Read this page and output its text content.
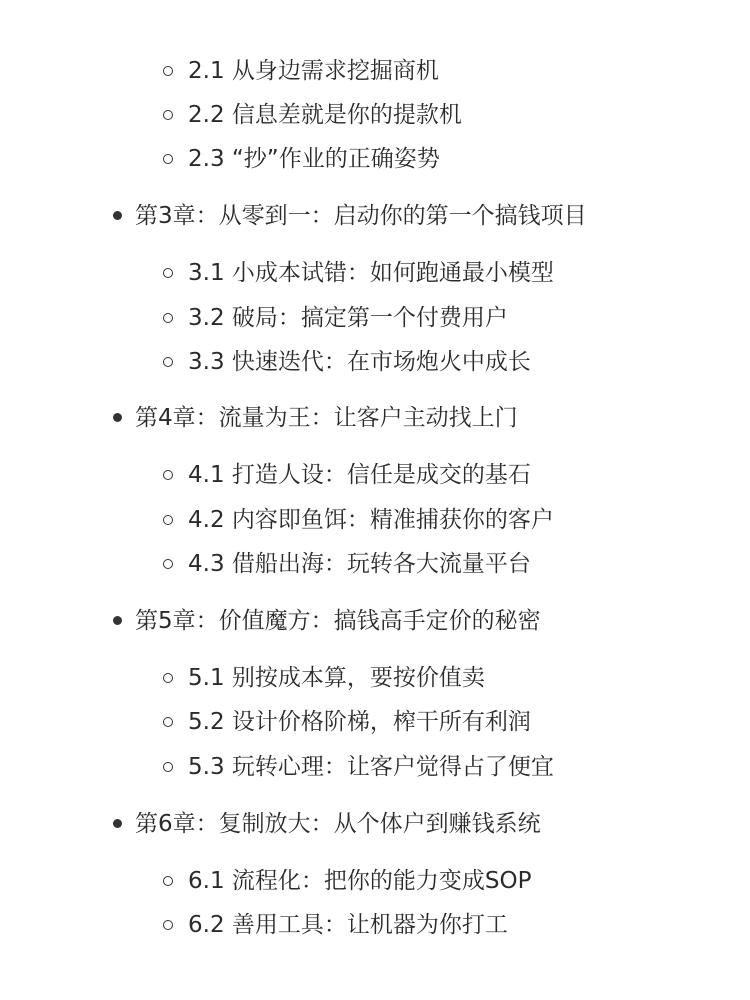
2.1 从身边需求挖掘商机
2.2 信息差就是你的提款机
2.3 “抄”作业的正确姿势
第3章：从零到一：启动你的第一个搞钱项目
3.1 小成本试错：如何跑通最小模型
3.2 破局：搞定第一个付费用户
3.3 快速迭代：在市场炮火中成长
第4章：流量为王：让客户主动找上门
4.1 打造人设：信任是成交的基石
4.2 内容即鱼饵：精准捕获你的客户
4.3 借船出海：玩转各大流量平台
第5章：价值魔方：搞钱高手定价的秘密
5.1 别按成本算，要按价值卖
5.2 设计价格阶梯，榨干所有利润
5.3 玩转心理：让客户觉得占了便宜
第6章：复制放大：从个体户到赚钱系统
6.1 流程化：把你的能力变成SOP
6.2 善用工具：让机器为你打工
